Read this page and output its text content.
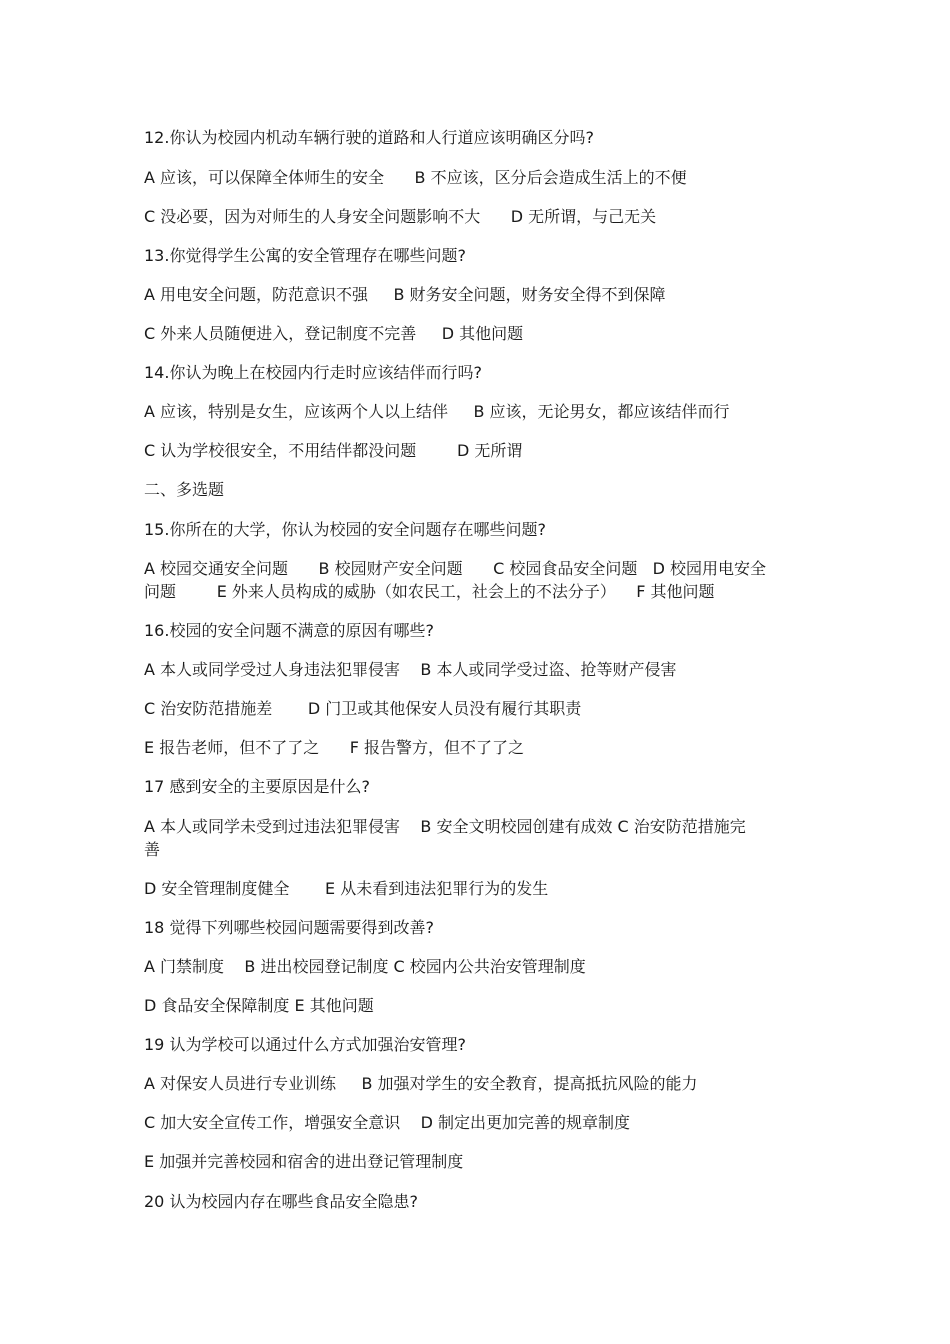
12.你认为校园内机动车辆行驶的道路和人行道应该明确区分吗?
A 应该，可以保障全体师生的安全      B 不应该，区分后会造成生活上的不便
C 没必要，因为对师生的人身安全问题影响不大      D 无所谓，与己无关
13.你觉得学生公寓的安全管理存在哪些问题?
A 用电安全问题，防范意识不强     B 财务安全问题，财务安全得不到保障
C 外来人员随便进入，登记制度不完善     D 其他问题
14.你认为晚上在校园内行走时应该结伴而行吗?
A 应该，特别是女生，应该两个人以上结伴     B 应该，无论男女，都应该结伴而行
C 认为学校很安全，不用结伴都没问题        D 无所谓
二、多选题
15.你所在的大学，你认为校园的安全问题存在哪些问题?
A 校园交通安全问题      B 校园财产安全问题      C 校园食品安全问题   D 校园用电安全
问题        E 外来人员构成的威胁（如农民工，社会上的不法分子）    F 其他问题
16.校园的安全问题不满意的原因有哪些?
A 本人或同学受过人身违法犯罪侵害    B 本人或同学受过盗、抢等财产侵害
C 治安防范措施差       D 门卫或其他保安人员没有履行其职责
E 报告老师，但不了了之      F 报告警方，但不了了之
17 感到安全的主要原因是什么?
A 本人或同学未受到过违法犯罪侵害    B 安全文明校园创建有成效 C 治安防范措施完
善
D 安全管理制度健全       E 从未看到违法犯罪行为的发生
18 觉得下列哪些校园问题需要得到改善?
A 门禁制度    B 进出校园登记制度 C 校园内公共治安管理制度
D 食品安全保障制度 E 其他问题
19 认为学校可以通过什么方式加强治安管理?
A 对保安人员进行专业训练     B 加强对学生的安全教育，提高抵抗风险的能力
C 加大安全宣传工作，增强安全意识    D 制定出更加完善的规章制度
E 加强并完善校园和宿舍的进出登记管理制度
20 认为校园内存在哪些食品安全隐患?
